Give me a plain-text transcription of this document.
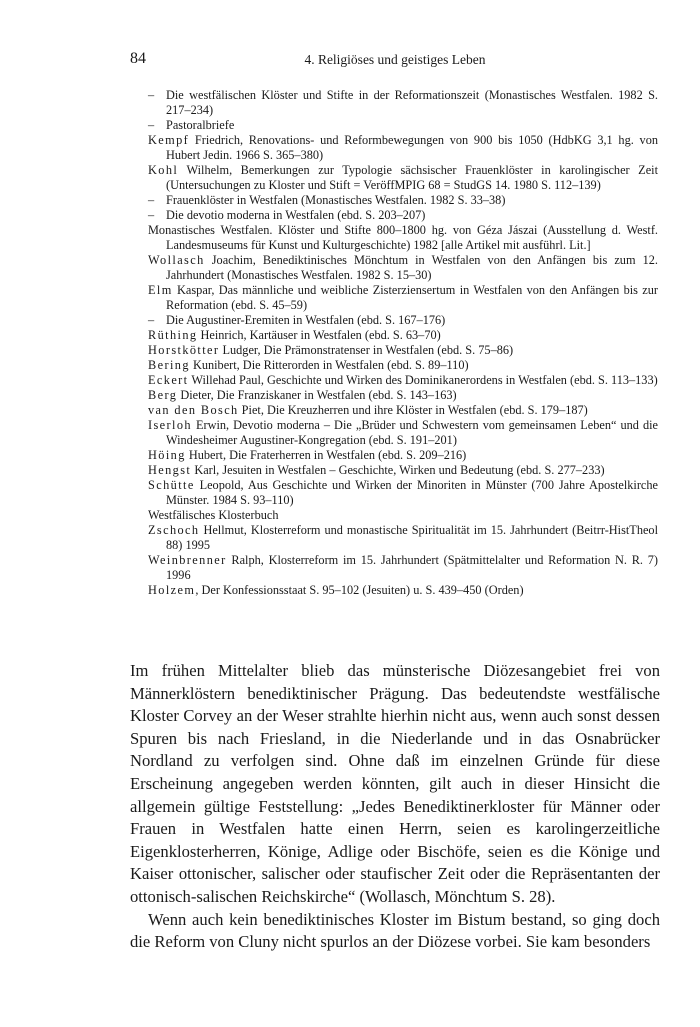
84	4. Religiöses und geistiges Leben
– Die westfälischen Klöster und Stifte in der Reformationszeit (Monastisches Westfalen. 1982 S. 217–234)
– Pastoralbriefe
Kempf Friedrich, Renovations- und Reformbewegungen von 900 bis 1050 (HdbKG 3,1 hg. von Hubert Jedin. 1966 S. 365–380)
Kohl Wilhelm, Bemerkungen zur Typologie sächsischer Frauenklöster in karolingischer Zeit (Untersuchungen zu Kloster und Stift = VeröffMPIG 68 = StudGS 14. 1980 S. 112–139)
– Frauenklöster in Westfalen (Monastisches Westfalen. 1982 S. 33–38)
– Die devotio moderna in Westfalen (ebd. S. 203–207)
Monastisches Westfalen. Klöster und Stifte 800–1800 hg. von Géza Jászai (Ausstellung d. Westf. Landesmuseums für Kunst und Kulturgeschichte) 1982 [alle Artikel mit ausführl. Lit.]
Wollasch Joachim, Benediktinisches Mönchtum in Westfalen von den Anfängen bis zum 12. Jahrhundert (Monastisches Westfalen. 1982 S. 15–30)
Elm Kaspar, Das männliche und weibliche Zisterziensertum in Westfalen von den Anfängen bis zur Reformation (ebd. S. 45–59)
– Die Augustiner-Eremiten in Westfalen (ebd. S. 167–176)
Rüthing Heinrich, Kartäuser in Westfalen (ebd. S. 63–70)
Horstkötter Ludger, Die Prämonstratenser in Westfalen (ebd. S. 75–86)
Bering Kunibert, Die Ritterorden in Westfalen (ebd. S. 89–110)
Eckert Willehad Paul, Geschichte und Wirken des Dominikanerordens in Westfalen (ebd. S. 113–133)
Berg Dieter, Die Franziskaner in Westfalen (ebd. S. 143–163)
van den Bosch Piet, Die Kreuzherren und ihre Klöster in Westfalen (ebd. S. 179–187)
Iserloh Erwin, Devotio moderna – Die „Brüder und Schwestern vom gemeinsamen Leben“ und die Windesheimer Augustiner-Kongregation (ebd. S. 191–201)
Höing Hubert, Die Fraterherren in Westfalen (ebd. S. 209–216)
Hengst Karl, Jesuiten in Westfalen – Geschichte, Wirken und Bedeutung (ebd. S. 277–233)
Schütte Leopold, Aus Geschichte und Wirken der Minoriten in Münster (700 Jahre Apostelkirche Münster. 1984 S. 93–110)
Westfälisches Klosterbuch
Zschoch Hellmut, Klosterreform und monastische Spiritualität im 15. Jahrhundert (Beitrr-HistTheol 88) 1995
Weinbrenner Ralph, Klosterreform im 15. Jahrhundert (Spätmittelalter und Reformation N. R. 7) 1996
Holzem, Der Konfessionsstaat S. 95–102 (Jesuiten) u. S. 439–450 (Orden)

Im frühen Mittelalter blieb das münsterische Diözesangebiet frei von Männerklöstern benediktinischer Prägung. Das bedeutendste westfälische Kloster Corvey an der Weser strahlte hierhin nicht aus, wenn auch sonst dessen Spuren bis nach Friesland, in die Niederlande und in das Osnabrücker Nordland zu verfolgen sind. Ohne daß im einzelnen Gründe für diese Erscheinung angegeben werden könnten, gilt auch in dieser Hinsicht die allgemein gültige Feststellung: „Jedes Benediktinerkloster für Männer oder Frauen in Westfalen hatte einen Herrn, seien es karolingerzeitliche Eigenklosterherren, Könige, Adlige oder Bischöfe, seien es die Könige und Kaiser ottonischer, salischer oder staufischer Zeit oder die Repräsentanten der ottonisch-salischen Reichskirche“ (Wollasch, Mönchtum S. 28).

Wenn auch kein benediktinisches Kloster im Bistum bestand, so ging doch die Reform von Cluny nicht spurlos an der Diözese vorbei. Sie kam besonders
